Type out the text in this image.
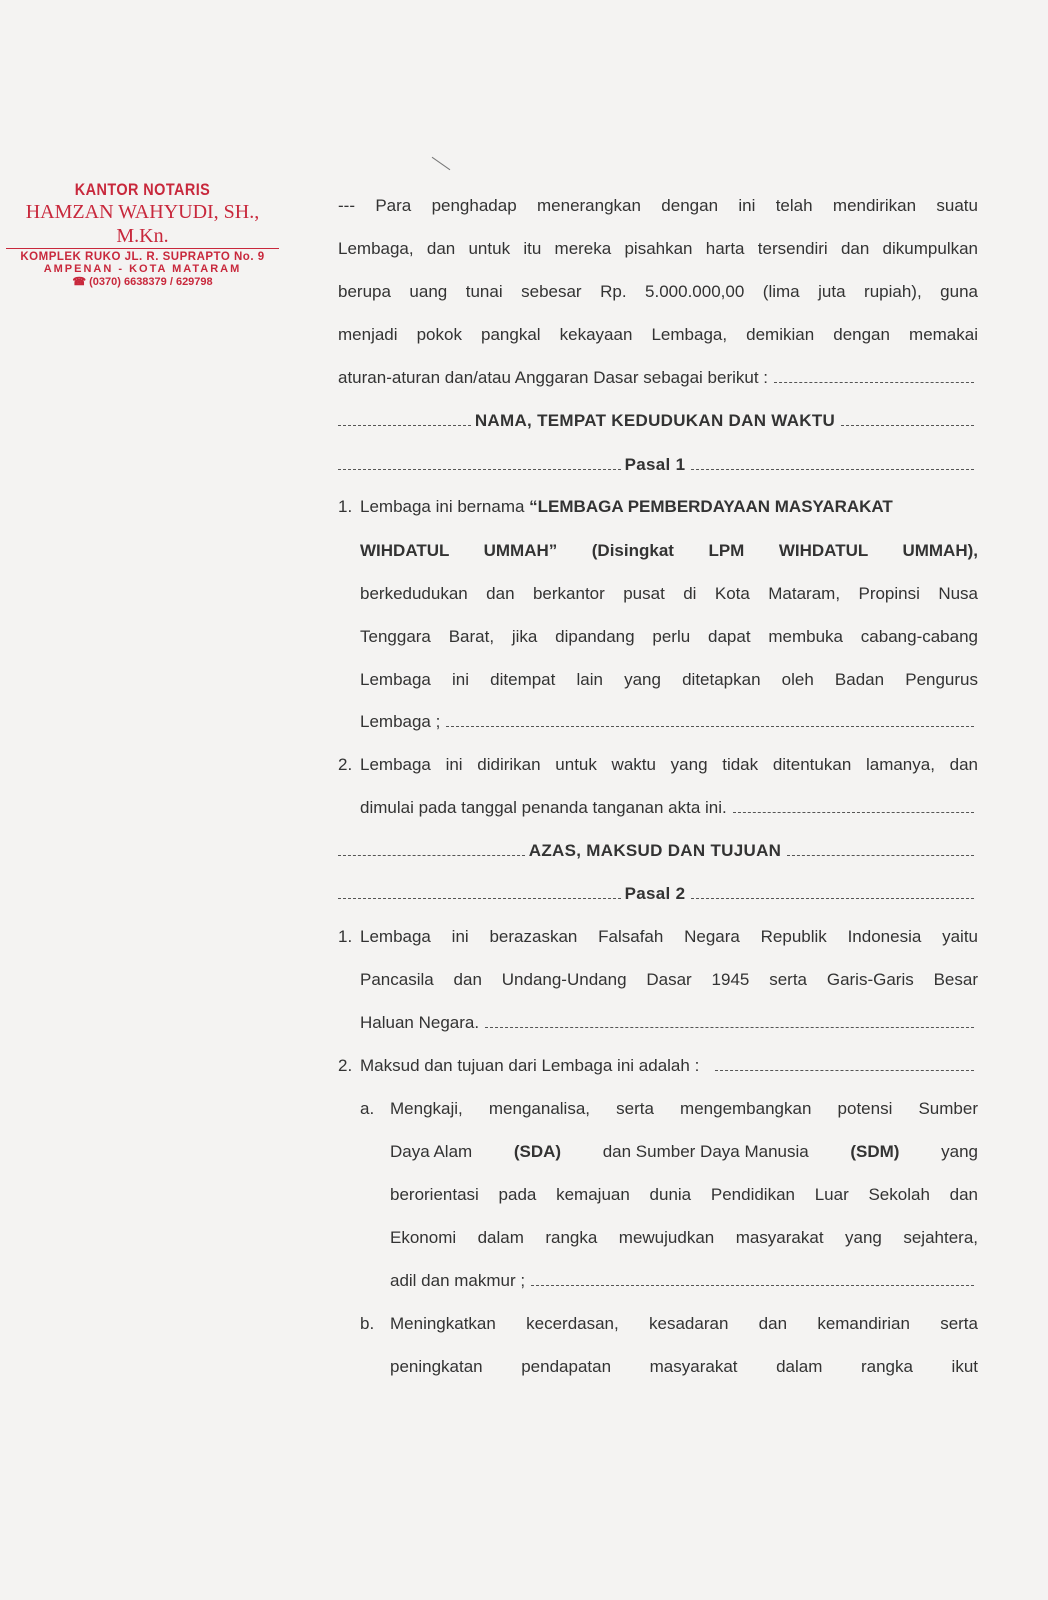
KANTOR NOTARIS
HAMZAN WAHYUDI, SH., M.Kn.
KOMPLEK RUKO JL. R. SUPRAPTO No. 9
AMPENAN - KOTA MATARAM
☎ (0370) 6638379 / 629798
--- Para penghadap menerangkan dengan ini telah mendirikan suatu
Lembaga, dan untuk itu mereka pisahkan harta tersendiri dan dikumpulkan
berupa uang tunai sebesar Rp. 5.000.000,00 (lima juta rupiah), guna
menjadi pokok pangkal kekayaan Lembaga, demikian dengan memakai
aturan-aturan dan/atau Anggaran Dasar sebagai berikut :
NAMA, TEMPAT KEDUDUKAN DAN WAKTU
Pasal 1
1. Lembaga ini bernama “LEMBAGA PEMBERDAYAAN MASYARAKAT
WIHDATUL UMMAH” (Disingkat LPM WIHDATUL UMMAH),
berkedudukan dan berkantor pusat di Kota Mataram, Propinsi Nusa
Tenggara Barat, jika dipandang perlu dapat membuka cabang-cabang
Lembaga ini ditempat lain yang ditetapkan oleh Badan Pengurus
Lembaga ;
2. Lembaga ini didirikan untuk waktu yang tidak ditentukan lamanya, dan
dimulai pada tanggal penanda tanganan akta ini.
AZAS, MAKSUD DAN TUJUAN
Pasal 2
1. Lembaga ini berazaskan Falsafah Negara Republik Indonesia yaitu
Pancasila dan Undang-Undang Dasar 1945 serta Garis-Garis Besar
Haluan Negara.
2. Maksud dan tujuan dari Lembaga ini adalah :
a. Mengkaji, menganalisa, serta mengembangkan potensi Sumber
Daya Alam (SDA) dan Sumber Daya Manusia (SDM) yang
berorientasi pada kemajuan dunia Pendidikan Luar Sekolah dan
Ekonomi dalam rangka mewujudkan masyarakat yang sejahtera,
adil dan makmur ;
b. Meningkatkan kecerdasan, kesadaran dan kemandirian serta
peningkatan pendapatan masyarakat dalam rangka ikut
